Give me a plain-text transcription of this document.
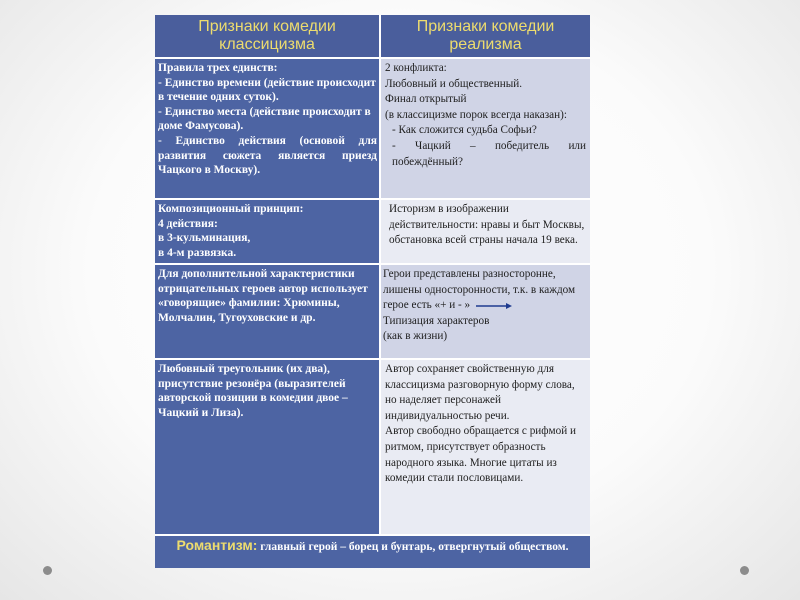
Признаки комедии классицизма
Признаки комедии реализма
Правила трех единств:
- Единство времени (действие происходит в течение одних суток).
- Единство места (действие происходит в доме Фамусова).
- Единство действия (основой для развития сюжета является приезд Чацкого в Москву).
2 конфликта:
Любовный и общественный.
Финал открытый
(в классицизме порок всегда наказан):
- Как сложится судьба Софьи?
- Чацкий – победитель или побеждённый?
Композиционный принцип:
4 действия:
в 3-кульминация,
в 4-м развязка.
Историзм в изображении действительности: нравы и быт Москвы, обстановка всей страны начала 19 века.
Для дополнительной характеристики отрицательных героев автор использует «говорящие» фамилии: Хрюмины, Молчалин, Тугоуховские и др.
Герои представлены разносторонне, лишены односторонности, т.к. в каждом герое есть «+ и - »
Типизация характеров
(как в жизни)
Любовный треугольник (их два), присутствие резонёра (выразителей авторской позиции в комедии двое – Чацкий и Лиза).
Автор сохраняет свойственную для классицизма разговорную форму слова, но наделяет персонажей индивидуальностью речи.
Автор свободно обращается с рифмой и ритмом, присутствует образность народного языка. Многие цитаты из комедии стали пословицами.
Романтизм: главный герой – борец и бунтарь, отвергнутый обществом.
